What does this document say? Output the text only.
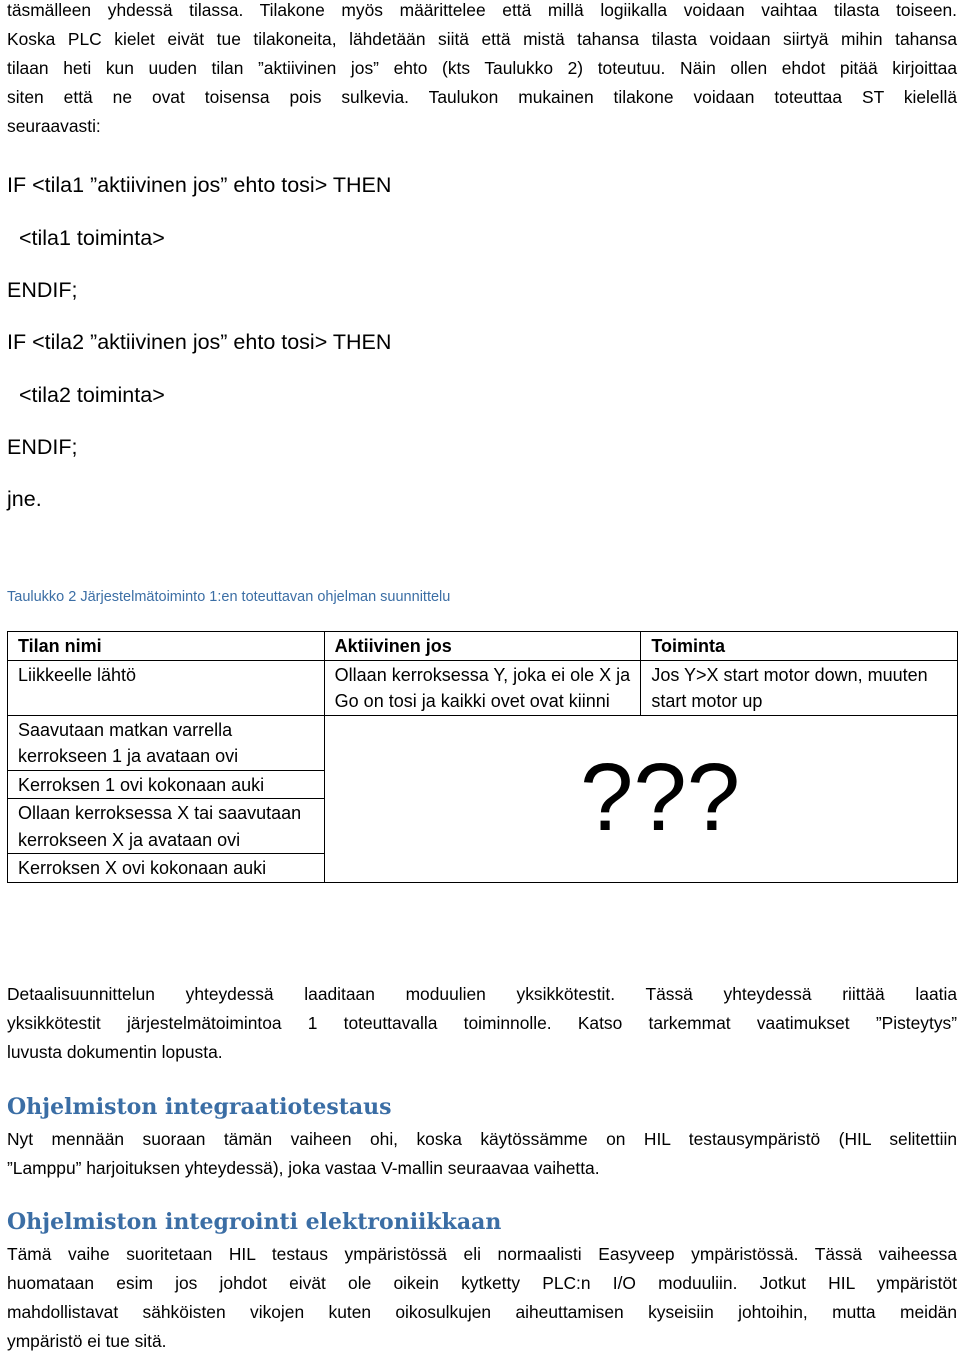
täsmälleen yhdessä tilassa. Tilakone myös määrittelee että millä logiikalla voidaan vaihtaa tilasta toiseen.
Koska PLC kielet eivät tue tilakoneita, lähdetään siitä että mistä tahansa tilasta voidaan siirtyä mihin tahansa
tilaan heti kun uuden tilan ”aktiivinen jos” ehto (kts Taulukko 2) toteutuu. Näin ollen ehdot pitää kirjoittaa
siten että ne ovat toisensa pois sulkevia. Taulukon mukainen tilakone voidaan toteuttaa ST kielellä
seuraavasti:
IF <tila1 ”aktiivinen jos” ehto tosi> THEN
<tila1 toiminta>
ENDIF;
IF <tila2 ”aktiivinen jos” ehto tosi> THEN
<tila2 toiminta>
ENDIF;
jne.
Taulukko 2 Järjestelmätoiminto 1:en toteuttavan ohjelman suunnittelu
Tilan nimi	Aktiivinen jos	Toiminta
Liikkeelle lähtö	Ollaan kerroksessa Y, joka ei ole X ja Go on tosi ja kaikki ovet ovat kiinni	Jos Y>X start motor down, muuten start motor up
Saavutaan matkan varrella kerrokseen 1 ja avataan ovi		
Kerroksen 1 ovi kokonaan auki		
Ollaan kerroksessa X tai saavutaan kerrokseen X ja avataan ovi		
Kerroksen X ovi kokonaan auki		
???
Detaalisuunnittelun yhteydessä laaditaan moduulien yksikkötestit. Tässä yhteydessä riittää laatia
yksikkötestit järjestelmätoimintoa 1 toteuttavalla toiminnolle. Katso tarkemmat vaatimukset ”Pisteytys”
luvusta dokumentin lopusta.
Ohjelmiston integraatiotestaus
Nyt mennään suoraan tämän vaiheen ohi, koska käytössämme on HIL testausympäristö (HIL selitettiin
”Lamppu” harjoituksen yhteydessä), joka vastaa V-mallin seuraavaa vaihetta.
Ohjelmiston integrointi elektroniikkaan
Tämä vaihe suoritetaan HIL testaus ympäristössä eli normaalisti Easyveep ympäristössä. Tässä vaiheessa
huomataan esim jos johdot eivät ole oikein kytketty PLC:n I/O moduuliin. Jotkut HIL ympäristöt
mahdollistavat sähköisten vikojen kuten oikosulkujen aiheuttamisen kyseisiin johtoihin, mutta meidän
ympäristö ei tue sitä.
